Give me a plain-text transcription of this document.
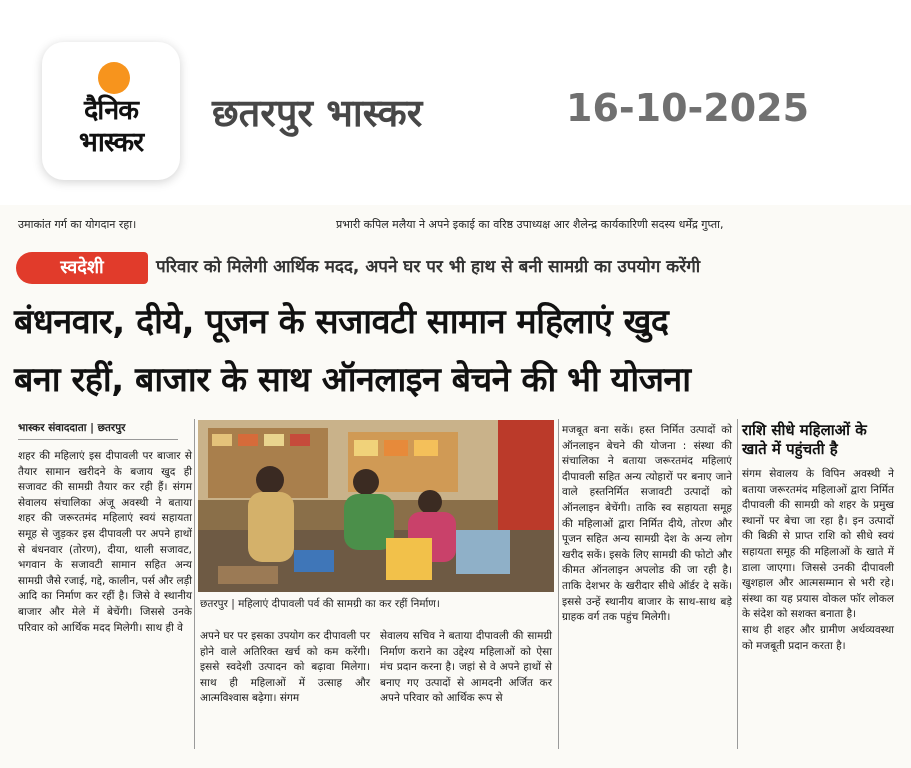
दैनिक
भास्कर
छतरपुर भास्कर	16-10-2025
उमाकांत गर्ग का योगदान रहा।	प्रभारी कपिल मलैया ने अपने इकाई का वरिष्ठ उपाध्यक्ष आर शैलेन्द्र कार्यकारिणी सदस्य धर्मेंद्र गुप्ता,
स्वदेशी	परिवार को मिलेगी आर्थिक मदद, अपने घर पर भी हाथ से बनी सामग्री का उपयोग करेंगी
बंधनवार, दीये, पूजन के सजावटी सामान महिलाएं खुद
बना रहीं, बाजार के साथ ऑनलाइन बेचने की भी योजना
भास्कर संवाददाता | छतरपुर
शहर की महिलाएं इस दीपावली पर बाजार से तैयार सामान खरीदने के बजाय खुद ही सजावट की सामग्री तैयार कर रही हैं। संगम सेवालय संचालिका अंजू अवस्थी ने बताया शहर की जरूरतमंद महिलाएं स्वयं सहायता समूह से जुड़कर इस दीपावली पर अपने हाथों से बंधनवार (तोरण), दीया, थाली सजावट, भगवान के सजावटी सामान सहित अन्य सामग्री जैसे रजाई, गद्दे, कालीन, पर्स और लड़ी आदि का निर्माण कर रहीं है। जिसे वे स्थानीय बाजार और मेले में बेचेंगी। जिससे उनके परिवार को आर्थिक मदद मिलेगी। साथ ही वे
छतरपुर | महिलाएं दीपावली पर्व की सामग्री का कर रहीं निर्माण।
अपने घर पर इसका उपयोग कर दीपावली पर होने वाले अतिरिक्त खर्च को कम करेंगी। इससे स्वदेशी उत्पादन को बढ़ावा मिलेगा। साथ ही महिलाओं में उत्साह और आत्मविश्वास बढ़ेगा। संगम
सेवालय सचिव ने बताया दीपावली की सामग्री निर्माण कराने का उद्देश्य महिलाओं को ऐसा मंच प्रदान करना है। जहां से वे अपने हाथों से बनाए गए उत्पादों से आमदनी अर्जित कर अपने परिवार को आर्थिक रूप से
मजबूत बना सकें। हस्त निर्मित उत्पादों को ऑनलाइन बेचने की योजना : संस्था की संचालिका ने बताया जरूरतमंद महिलाएं दीपावली सहित अन्य त्योहारों पर बनाए जाने वाले हस्तनिर्मित सजावटी उत्पादों को ऑनलाइन बेचेंगी। ताकि स्व सहायता समूह की महिलाओं द्वारा निर्मित दीये, तोरण और पूजन सहित अन्य सामग्री देश के अन्य लोग खरीद सकें। इसके लिए सामग्री की फोटो और कीमत ऑनलाइन अपलोड की जा रही है। ताकि देशभर के खरीदार सीधे ऑर्डर दे सकें। इससे उन्हें स्थानीय बाजार के साथ-साथ बड़े ग्राहक वर्ग तक पहुंच मिलेगी।
राशि सीधे महिलाओं के खाते में पहुंचती है
संगम सेवालय के विपिन अवस्थी ने बताया जरूरतमंद महिलाओं द्वारा निर्मित दीपावली की सामग्री को शहर के प्रमुख स्थानों पर बेचा जा रहा है। इन उत्पादों की बिक्री से प्राप्त राशि को सीधे स्वयं सहायता समूह की महिलाओं के खाते में डाला जाएगा। जिससे उनकी दीपावली खुशहाल और आत्मसम्मान से भरी रहे। संस्था का यह प्रयास वोकल फॉर लोकल के संदेश को सशक्त बनाता है।
साथ ही शहर और ग्रामीण अर्थव्यवस्था को मजबूती प्रदान करता है।
